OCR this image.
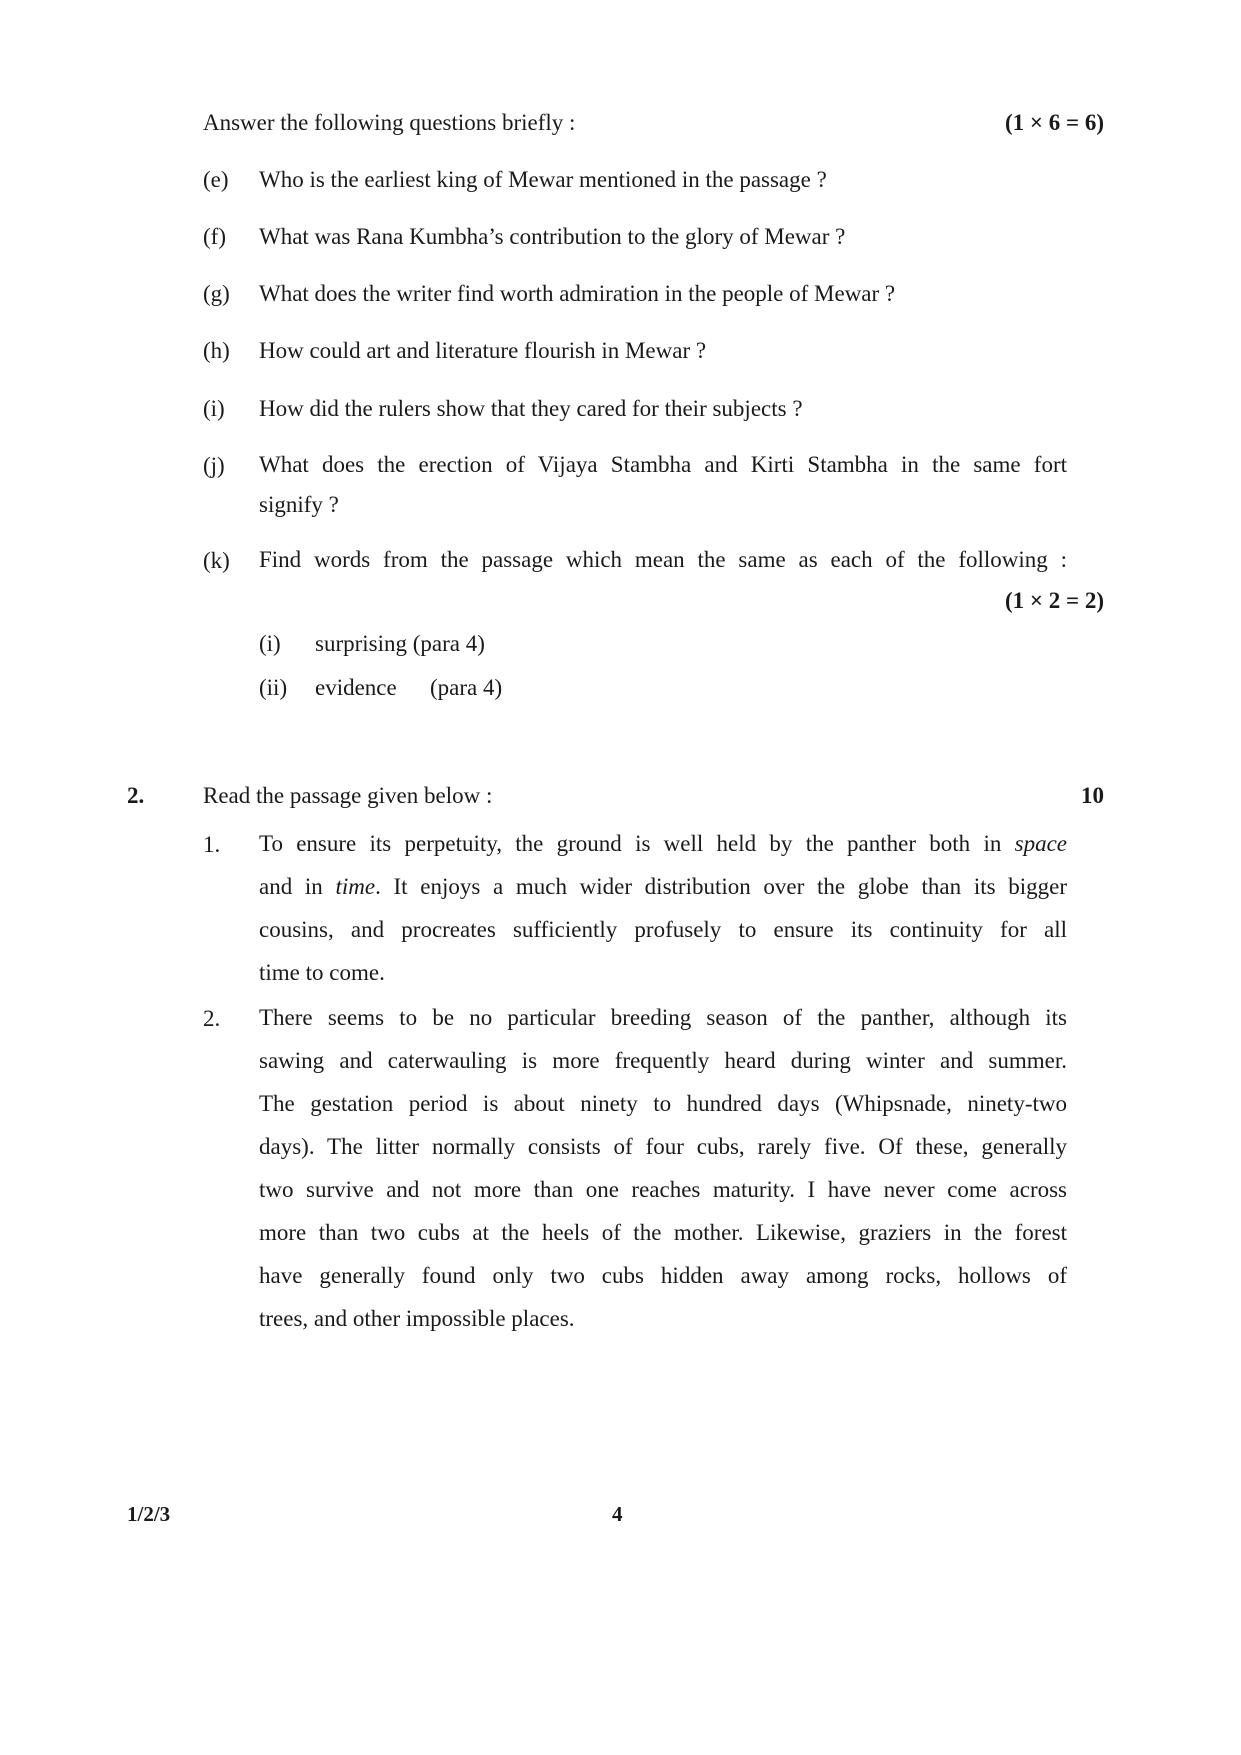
Answer the following questions briefly :	(1 × 6 = 6)
(e) Who is the earliest king of Mewar mentioned in the passage ?
(f) What was Rana Kumbha’s contribution to the glory of Mewar ?
(g) What does the writer find worth admiration in the people of Mewar ?
(h) How could art and literature flourish in Mewar ?
(i) How did the rulers show that they cared for their subjects ?
(j) What does the erection of Vijaya Stambha and Kirti Stambha in the same fort
signify ?
(k) Find words from the passage which mean the same as each of the following :
(1 × 2 = 2)
(i) surprising (para 4)
(ii) evidence (para 4)
2.	Read the passage given below :	10
1. To ensure its perpetuity, the ground is well held by the panther both in space
and in time. It enjoys a much wider distribution over the globe than its bigger
cousins, and procreates sufficiently profusely to ensure its continuity for all
time to come.
2. There seems to be no particular breeding season of the panther, although its
sawing and caterwauling is more frequently heard during winter and summer.
The gestation period is about ninety to hundred days (Whipsnade, ninety-two
days). The litter normally consists of four cubs, rarely five. Of these, generally
two survive and not more than one reaches maturity. I have never come across
more than two cubs at the heels of the mother. Likewise, graziers in the forest
have generally found only two cubs hidden away among rocks, hollows of
trees, and other impossible places.
1/2/3	4
